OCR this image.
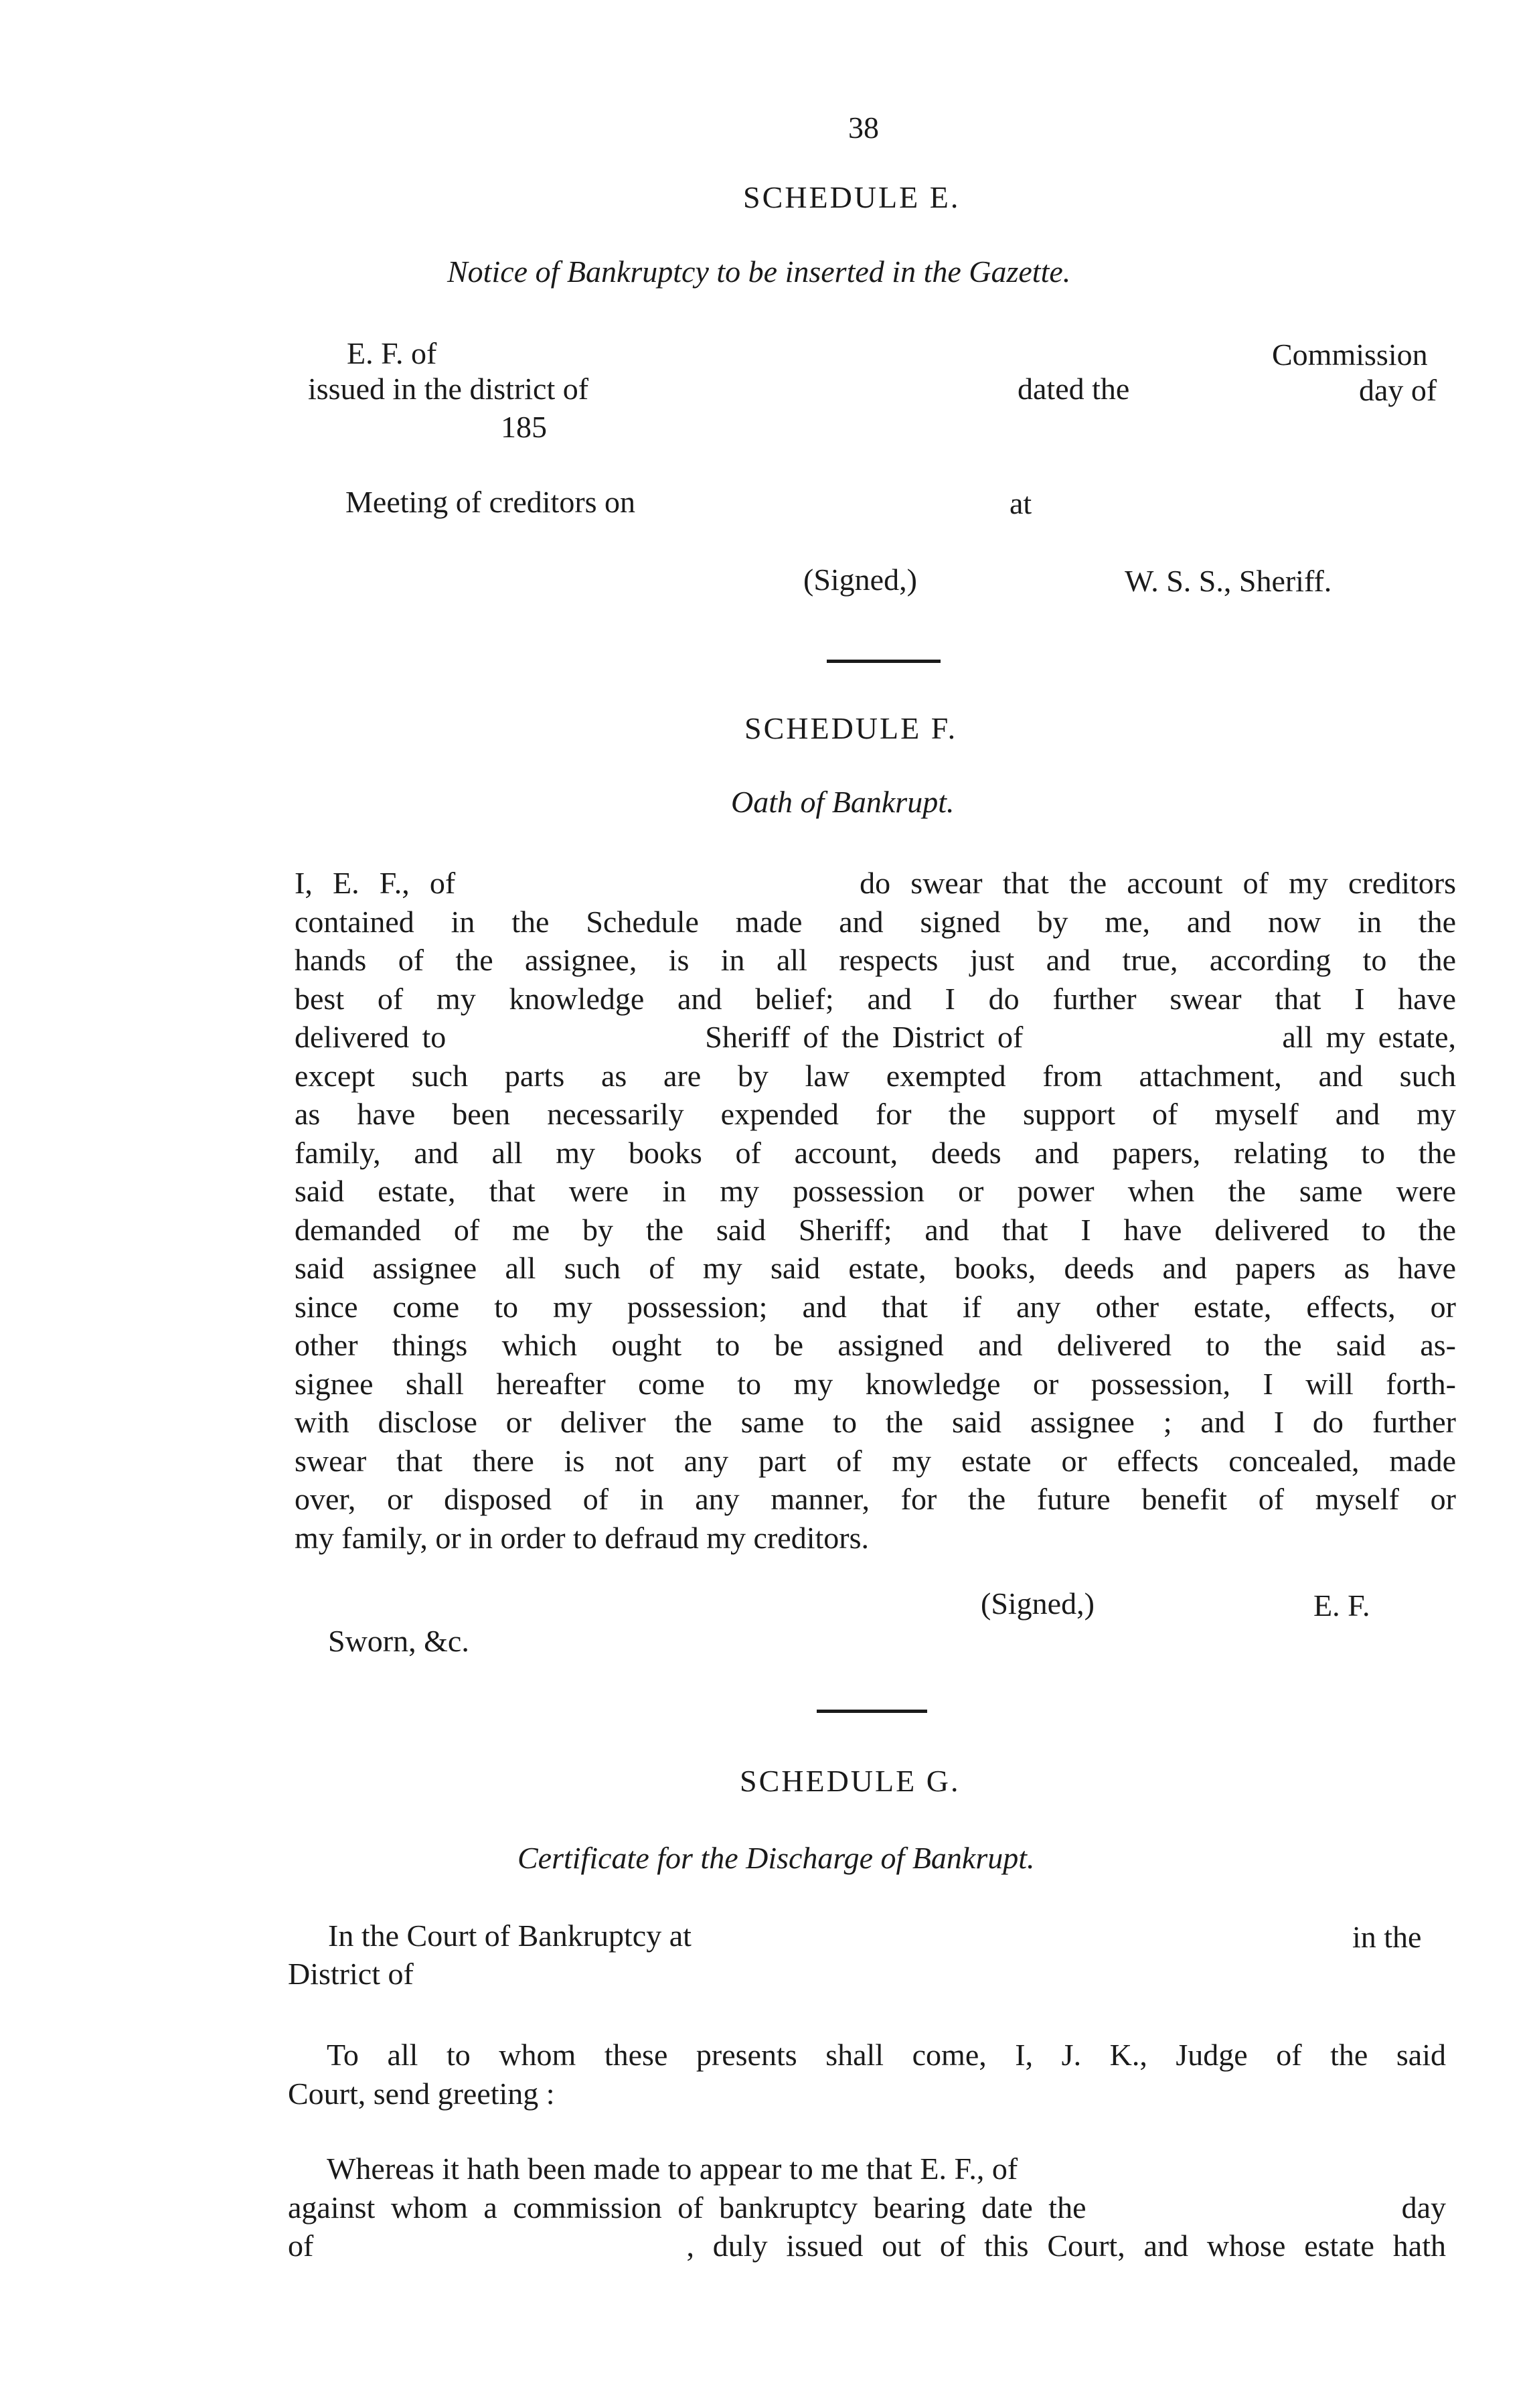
38
SCHEDULE E.
Notice of Bankruptcy to be inserted in the Gazette.
E. F. of	Commission
issued in the district of	dated the	day of
185
Meeting of creditors on	at
(Signed,)	W. S. S., Sheriff.
SCHEDULE F.
Oath of Bankrupt.
I, E. F., of                    do swear that the account of my creditors
contained in the Schedule made and signed by me, and now in the
hands of the assignee, is in all respects just and true, according to the
best of my knowledge and belief; and I do further swear that I have
delivered to                    Sheriff of the District of                    all my estate,
except such parts as are by law exempted from attachment, and such
as have been necessarily expended for the support of myself and my
family, and all my books of account, deeds and papers, relating to the
said estate, that were in my possession or power when the same were
demanded of me by the said Sheriff; and that I have delivered to the
said assignee all such of my said estate, books, deeds and papers as have
since come to my possession; and that if any other estate, effects, or
other things which ought to be assigned and delivered to the said as-
signee shall hereafter come to my knowledge or possession, I will forth-
with disclose or deliver the same to the said assignee ; and I do further
swear that there is not any part of my estate or effects concealed, made
over, or disposed of in any manner, for the future benefit of myself or
my family, or in order to defraud my creditors.
(Signed,)	E. F.
Sworn, &c.
SCHEDULE G.
Certificate for the Discharge of Bankrupt.
In the Court of Bankruptcy at	in the
District of
To all to whom these presents shall come, I, J. K., Judge of the said
Court, send greeting :
Whereas it hath been made to appear to me that E. F., of
against whom a commission of bankruptcy bearing date the                    day
of                    , duly issued out of this Court, and whose estate hath
